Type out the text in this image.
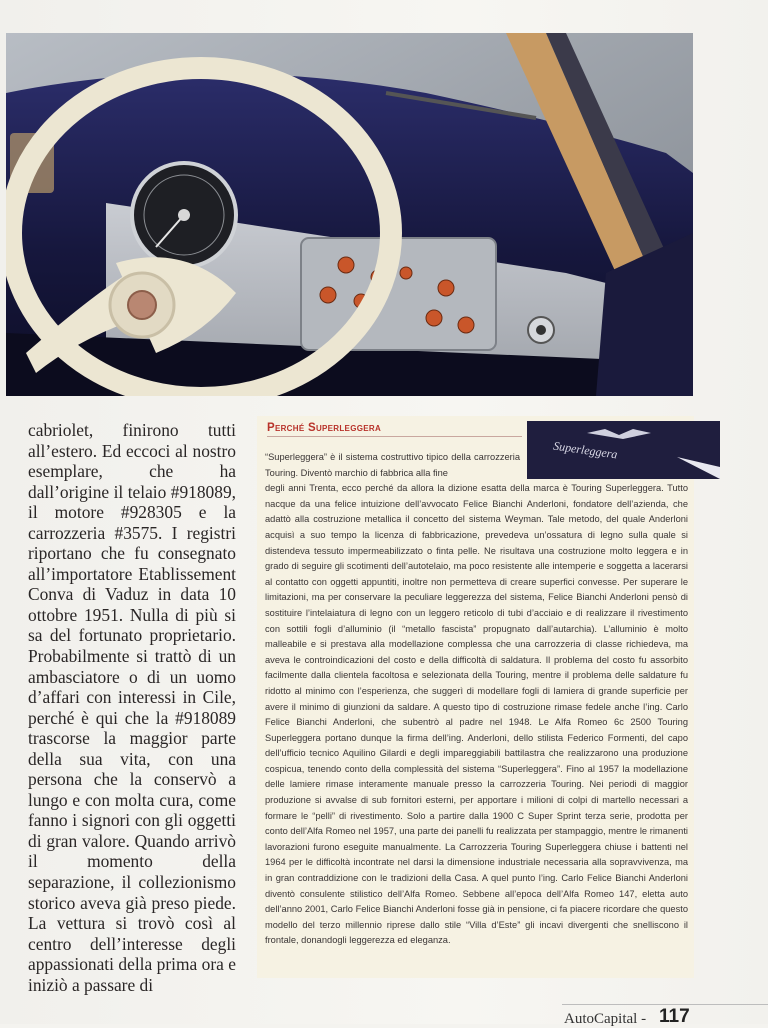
cabriolet, finirono tutti all’estero. Ed eccoci al nostro esemplare, che ha dall’origine il telaio #918089, il motore #928305 e la carrozzeria #3575. I registri riportano che fu consegnato all’importatore Etablissement Conva di Vaduz in data 10 ottobre 1951. Nulla di più si sa del fortunato proprietario. Probabilmente si trattò di un ambasciatore o di un uomo d’affari con interessi in Cile, perché è qui che la #918089 trascorse la maggior parte della sua vita, con una persona che la conservò a lungo e con molta cura, come fanno i signori con gli oggetti di gran valore. Quando arrivò il momento della separazione, il collezionismo storico aveva già preso piede. La vettura si trovò così al centro dell’interesse degli appassionati della prima ora e iniziò a passare di

Perché Superleggera
Superleggera

“Superleggera” è il sistema costruttivo tipico della carrozzeria Touring. Diventò marchio di fabbrica alla fine

degli anni Trenta, ecco perché da allora la dizione esatta della marca è Touring Superleggera. Tutto nacque da una felice intuizione dell’avvocato Felice Bianchi Anderloni, fondatore dell’azienda, che adattò alla costruzione metallica il concetto del sistema Weyman. Tale metodo, del quale Anderloni acquisì a suo tempo la licenza di fabbricazione, prevedeva un’ossatura di legno sulla quale si distendeva tessuto impermeabilizzato o finta pelle. Ne risultava una costruzione molto leggera e in grado di seguire gli scotimenti dell’autotelaio, ma poco resistente alle intemperie e soggetta a lacerarsi al contatto con oggetti appuntiti, inoltre non permetteva di creare superfici convesse. Per superare le limitazioni, ma per conservare la peculiare leggerezza del sistema, Felice Bianchi Anderloni pensò di sostituire l’intelaiatura di legno con un leggero reticolo di tubi d’acciaio e di realizzare il rivestimento con sottili fogli d’alluminio (il “metallo fascista” propugnato dall’autarchia). L’alluminio è molto malleabile e si prestava alla modellazione complessa che una carrozzeria di classe richiedeva, ma aveva le controindicazioni del costo e della difficoltà di saldatura. Il problema del costo fu assorbito facilmente dalla clientela facoltosa e selezionata della Touring, mentre il problema delle saldature fu ridotto al minimo con l’esperienza, che suggerì di modellare fogli di lamiera di grande superficie per avere il minimo di giunzioni da saldare. A questo tipo di costruzione rimase fedele anche l’ing. Carlo Felice Bianchi Anderloni, che subentrò al padre nel 1948. Le Alfa Romeo 6c 2500 Touring Superleggera portano dunque la firma dell’ing. Anderloni, dello stilista Federico Formenti, del capo dell’ufficio tecnico Aquilino Gilardi e degli impareggiabili battilastra che realizzarono una produzione cospicua, tenendo conto della complessità del sistema “Superleggera”. Fino al 1957 la modellazione delle lamiere rimase interamente manuale presso la carrozzeria Touring. Nei periodi di maggior produzione si avvalse di sub fornitori esterni, per apportare i milioni di colpi di martello necessari a formare le “pelli” di rivestimento. Solo a partire dalla 1900 C Super Sprint terza serie, prodotta per conto dell’Alfa Romeo nel 1957, una parte dei panelli fu realizzata per stampaggio, mentre le rimanenti lavorazioni furono eseguite manualmente. La Carrozzeria Touring Superleggera chiuse i battenti nel 1964 per le difficoltà incontrate nel darsi la dimensione industriale necessaria alla sopravvivenza, ma in gran contraddizione con le tradizioni della Casa. A quel punto l’ing. Carlo Felice Bianchi Anderloni diventò consulente stilistico dell’Alfa Romeo. Sebbene all’epoca dell’Alfa Romeo 147, eletta auto dell’anno 2001, Carlo Felice Bianchi Anderloni fosse già in pensione, ci fa piacere ricordare che questo modello del terzo millennio riprese dallo stile “Villa d’Este” gli incavi divergenti che snelliscono il frontale, donandogli leggerezza ed eleganza.

AutoCapital - 117
